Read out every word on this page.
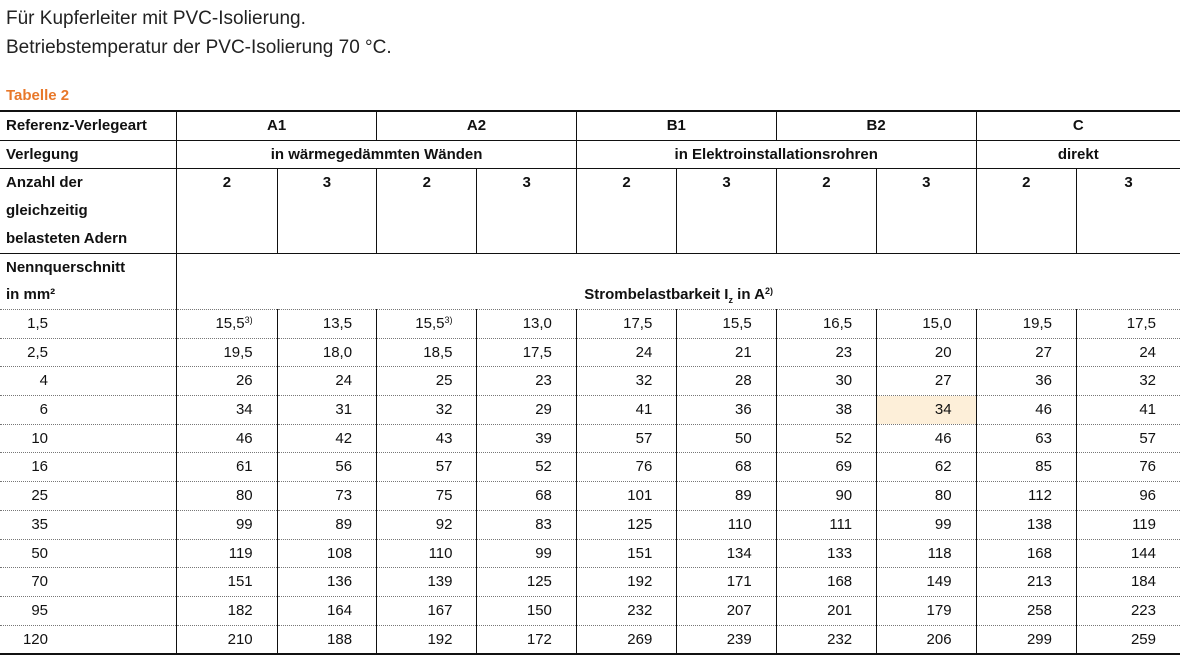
Für Kupferleiter mit PVC-Isolierung.
Betriebstemperatur der PVC-Isolierung 70 °C.
Tabelle 2
Referenz-Verlegeart	A1		A2		B1		B2		C	
Verlegung	in wärmegedämmten Wänden				in Elektroinstallationsrohren				direkt	

Anzahl der
gleichzeitig
belasteten Adern	2	3	2	3	2	3	2	3	2	3

Nennquerschnitt
in mm²	Strombelastbarkeit $I_z$ in $A^{2)}$
1,5	15,5$^{3)}$	13,5	15,5$^{3)}$	13,0	17,5	15,5	16,5	15,0	19,5	17,5
2,5	19,5	18,0	18,5	17,5	24	21	23	20	27	24
4	26	24	25	23	32	28	30	27	36	32
6	34	31	32	29	41	36	38	34	46	41
10	46	42	43	39	57	50	52	46	63	57
16	61	56	57	52	76	68	69	62	85	76
25	80	73	75	68	101	89	90	80	112	96
35	99	89	92	83	125	110	111	99	138	119
50	119	108	110	99	151	134	133	118	168	144
70	151	136	139	125	192	171	168	149	213	184
95	182	164	167	150	232	207	201	179	258	223
120	210	188	192	172	269	239	232	206	299	259
